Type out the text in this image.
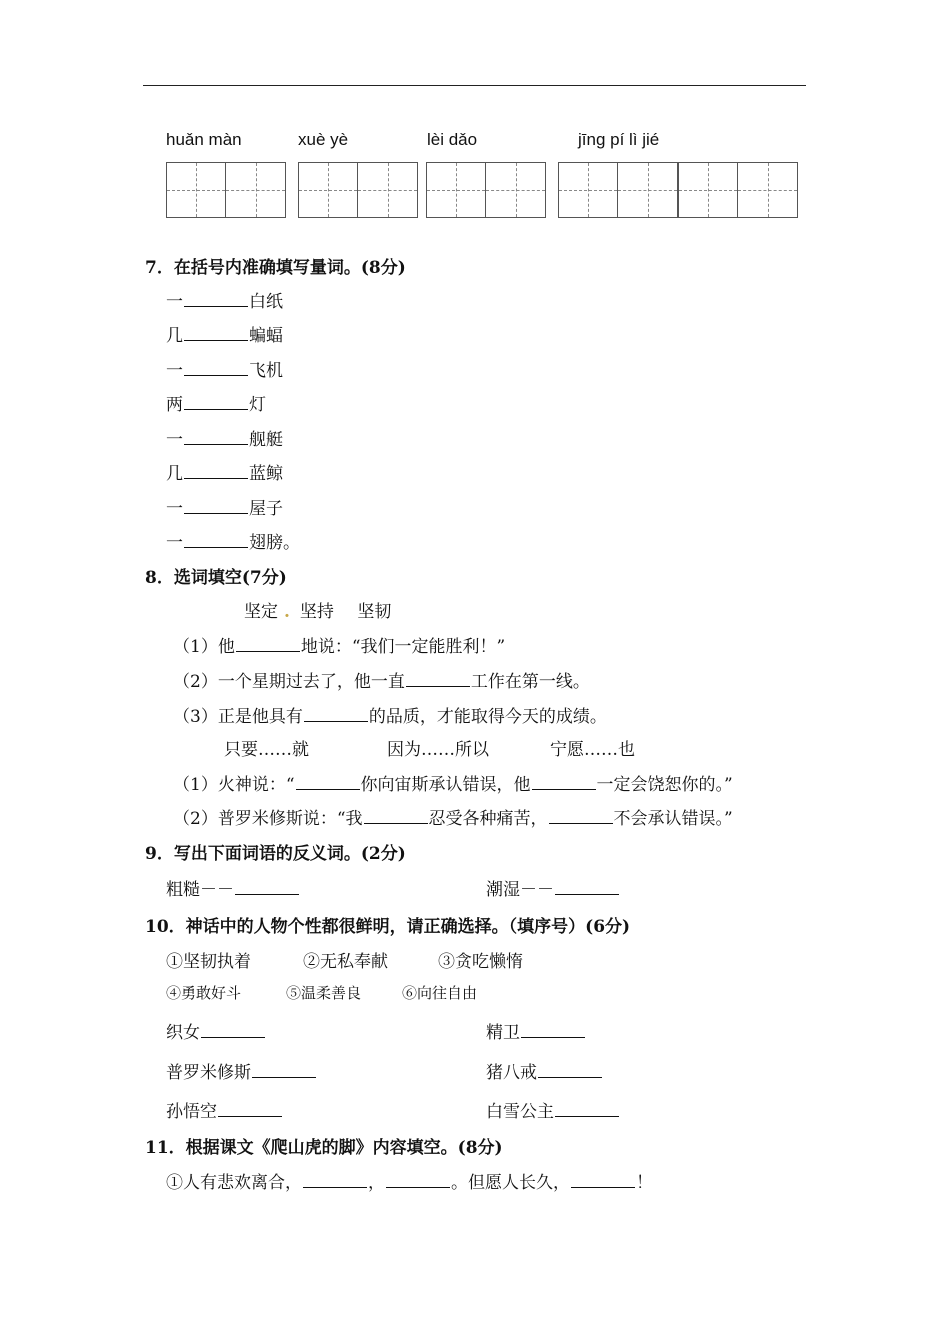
huǎn màn	xuè yè	lèi dǎo	jīng pí lì jié
7．在括号内准确填写量词。(8分)
一	白纸
几	蝙蝠
一	飞机
两	灯
一	舰艇
几	蓝鲸
一	屋子
一	翅膀。
8．选词填空(7分)
坚定 . 坚持 坚韧
（1）他	地说：“我们一定能胜利！”
（2）一个星期过去了，他一直	工作在第一线。
（3）正是他具有	的品质，才能取得今天的成绩。
只要……就	因为……所以	宁愿……也
（1）火神说：“	你向宙斯承认错误，他	一定会饶恕你的。”
（2）普罗米修斯说：“我	忍受各种痛苦，	不会承认错误。”
9．写出下面词语的反义词。(2分)
粗糙－－	潮湿－－
10．神话中的人物个性都很鲜明，请正确选择。（填序号）(6分)
①坚韧执着	②无私奉献	③贪吃懒惰
④勇敢好斗	⑤温柔善良	⑥向往自由
织女	精卫
普罗米修斯	猪八戒
孙悟空	白雪公主
11．根据课文《爬山虎的脚》内容填空。(8分)
①人有悲欢离合，	，	。但愿人长久，	！
